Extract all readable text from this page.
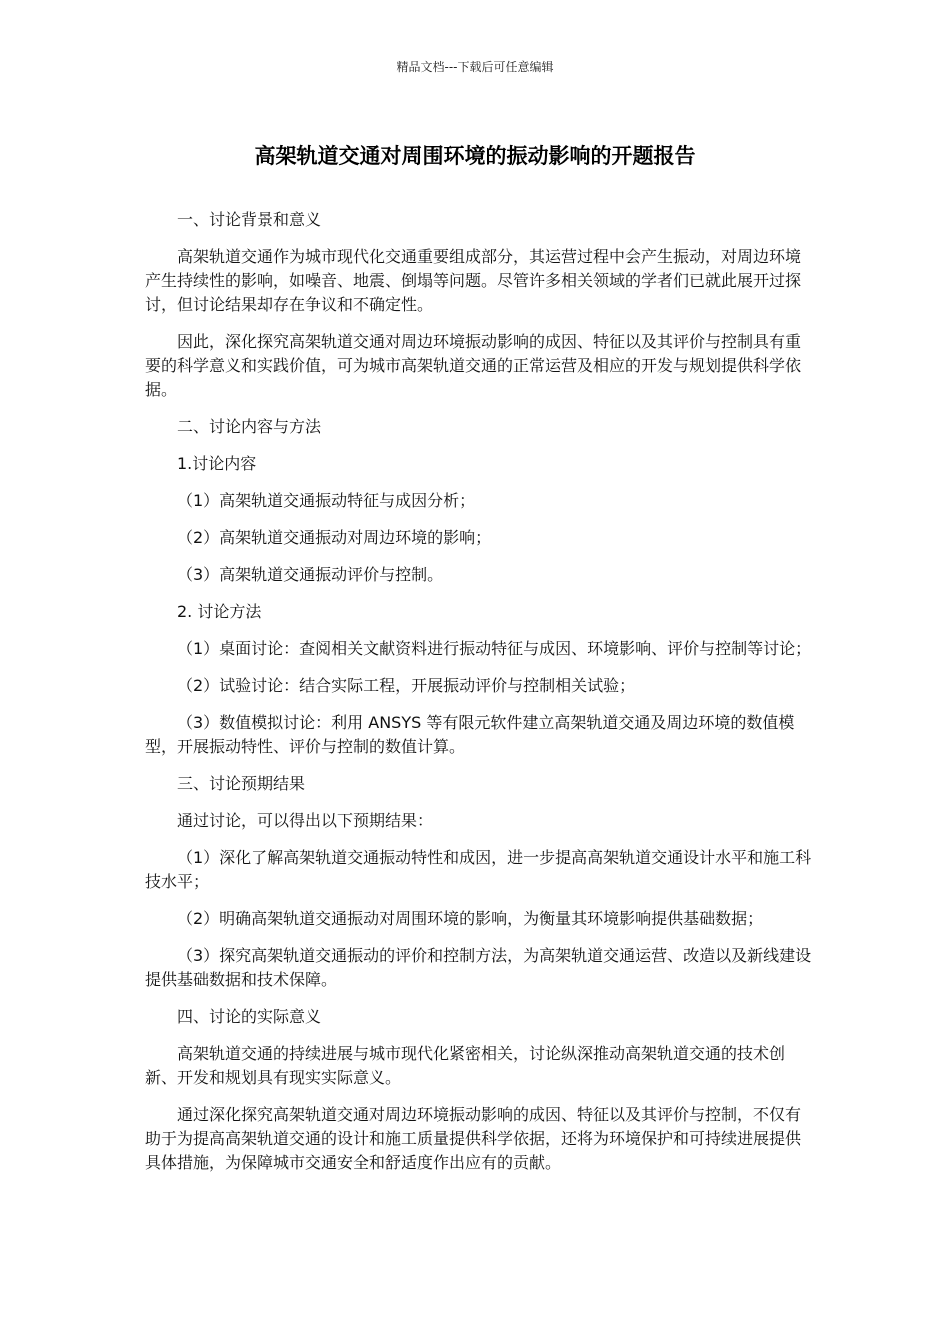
精品文档---下载后可任意编辑
高架轨道交通对周围环境的振动影响的开题报告

一、讨论背景和意义

高架轨道交通作为城市现代化交通重要组成部分，其运营过程中会产生振动，对周边环境产生持续性的影响，如噪音、地震、倒塌等问题。尽管许多相关领域的学者们已就此展开过探讨，但讨论结果却存在争议和不确定性。

因此，深化探究高架轨道交通对周边环境振动影响的成因、特征以及其评价与控制具有重要的科学意义和实践价值，可为城市高架轨道交通的正常运营及相应的开发与规划提供科学依据。

二、讨论内容与方法

1.讨论内容

（1）高架轨道交通振动特征与成因分析；

（2）高架轨道交通振动对周边环境的影响；

（3）高架轨道交通振动评价与控制。

2. 讨论方法

（1）桌面讨论：查阅相关文献资料进行振动特征与成因、环境影响、评价与控制等讨论；

（2）试验讨论：结合实际工程，开展振动评价与控制相关试验；

（3）数值模拟讨论：利用 ANSYS 等有限元软件建立高架轨道交通及周边环境的数值模型，开展振动特性、评价与控制的数值计算。

三、讨论预期结果

通过讨论，可以得出以下预期结果：

（1）深化了解高架轨道交通振动特性和成因，进一步提高高架轨道交通设计水平和施工科技水平；

（2）明确高架轨道交通振动对周围环境的影响，为衡量其环境影响提供基础数据；

（3）探究高架轨道交通振动的评价和控制方法，为高架轨道交通运营、改造以及新线建设提供基础数据和技术保障。

四、讨论的实际意义

高架轨道交通的持续进展与城市现代化紧密相关，讨论纵深推动高架轨道交通的技术创新、开发和规划具有现实实际意义。

通过深化探究高架轨道交通对周边环境振动影响的成因、特征以及其评价与控制，不仅有助于为提高高架轨道交通的设计和施工质量提供科学依据，还将为环境保护和可持续进展提供具体措施，为保障城市交通安全和舒适度作出应有的贡献。
